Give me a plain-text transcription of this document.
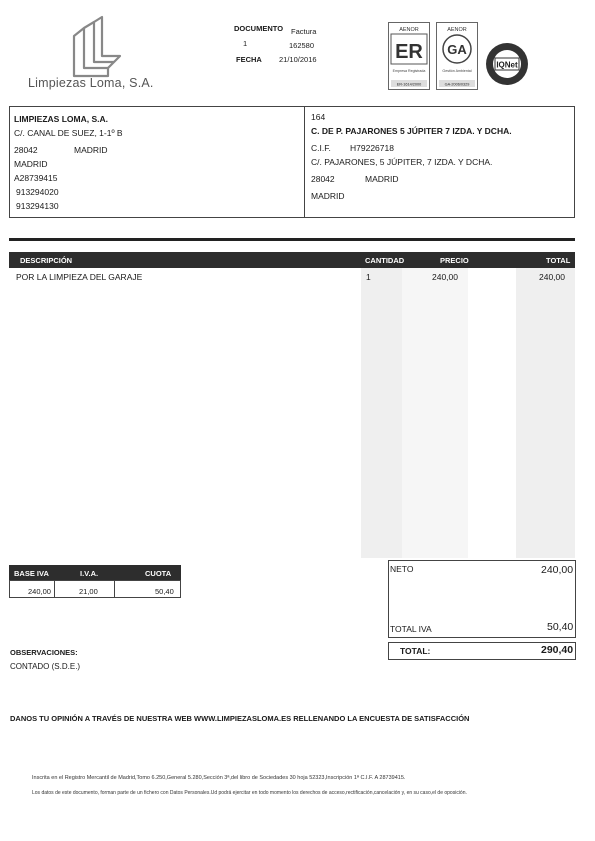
Limpiezas Loma, S.A.
DOCUMENTO Factura
1	162580
FECHA 21/10/2016	ER
AENOR
Empresa Registrada
ER-1614/2000
GA
AENOR
Gestión Ambiental
GA-2006/0329
IQNet
LIMPIEZAS LOMA, S.A.
C/. CANAL DE SUEZ, 1-1º B
28042	MADRID
MADRID
A28739415
913294020
913294130
164
C. DE P. PAJARONES 5 JÚPITER 7 IZDA. Y DCHA.
C.I.F. H79226718
C/. PAJARONES, 5 JÚPITER, 7 IZDA. Y DCHA.
28042	MADRID
MADRID
DESCRIPCIÓN	CANTIDAD	PRECIO	TOTAL
POR LA LIMPIEZA DEL GARAJE	1	240,00	240,00
BASE IVA	I.V.A.	CUOTA
240,00	21,00	50,40
NETO	240,00
TOTAL IVA	50,40
TOTAL:	290,40
OBSERVACIONES:
CONTADO (S.D.E.)
DANOS TU OPINIÓN A TRAVÉS DE NUESTRA WEB WWW.LIMPIEZASLOMA.ES RELLENANDO LA ENCUESTA DE SATISFACCIÓN
Inscrita en el Registro Mercantil de Madrid,Tomo 6.250,General 5.280,Sección 3ª,del libro de Sociedades 30 hoja 52323,Inscripción 1ª C.I.F. A 28739415.
Los datos de este documento, forman parte de un fichero con Datos Personales.Ud podrá ejercitar en todo momento los derechos de acceso,rectificación,cancelación y, en su caso,el de oposición.
